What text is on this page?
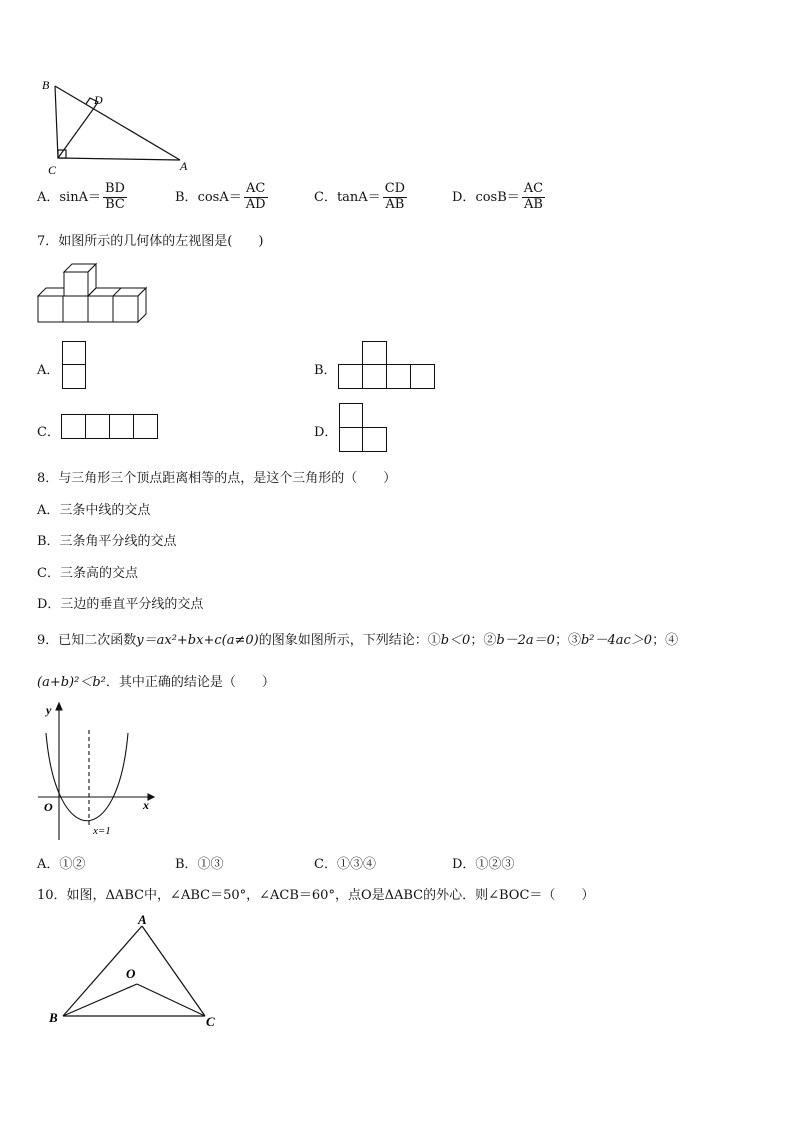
B
D
C	A
A．$\sin A= \frac{BD}{BC}$	B．$\cos A= \frac{AC}{AD}$	C．$\tan A= \frac{CD}{AB}$	D．$\cos B= \frac{AC}{AB}$
7．如图所示的几何体的左视图是(　　)
A．	B．
C．	D．
8．与三角形三个顶点距离相等的点，是这个三角形的（　　）
A．三条中线的交点
B．三条角平分线的交点
C．三条高的交点
D．三边的垂直平分线的交点
9．已知二次函数y＝ax²+bx+c(a≠0)的图象如图所示，下列结论：①b＜0；②b－2a＝0；③b²－4ac＞0；④
(a+b)²＜b²．其中正确的结论是（　　）
y
x
O
x=1
A．①②	B．①③	C．①③④	D．①②③
10．如图，ΔABC中，∠ABC＝50°，∠ACB＝60°，点O是ΔABC的外心．则∠BOC＝（　　）
A
O
B	C
